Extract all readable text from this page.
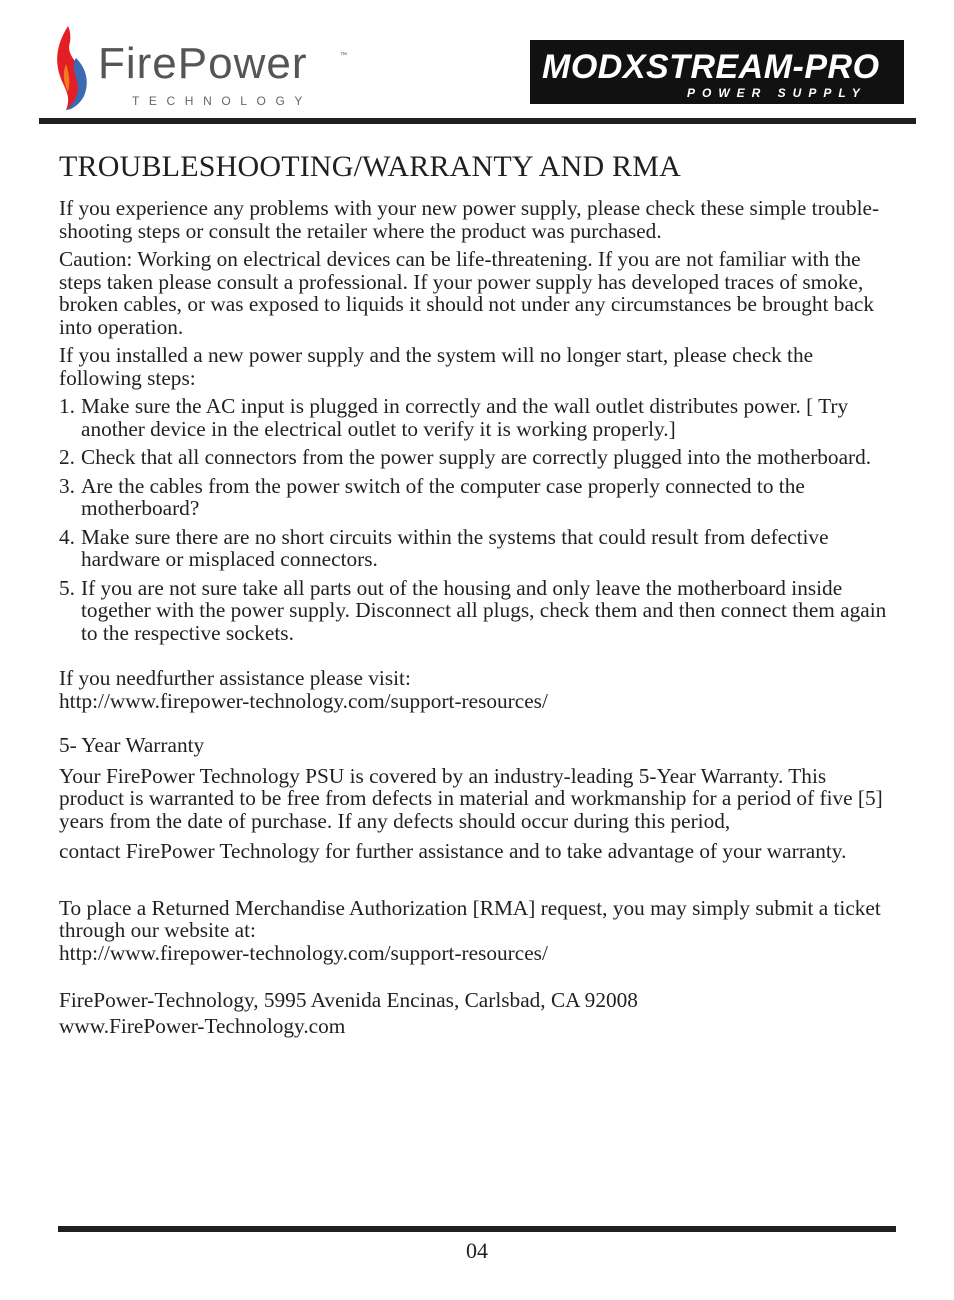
FirePower	™
TECHNOLOGY
MODXSTREAM-PRO
POWER SUPPLY
TROUBLESHOOTING/WARRANTY AND RMA

If you experience any problems with your new power supply, please check these simple trouble-shooting steps or consult the retailer where the product was purchased.

Caution: Working on electrical devices can be life-threatening. If you are not familiar with the steps taken please consult a professional. If your power supply has developed traces of smoke, broken cables, or was exposed to liquids it should not under any circumstances be brought back into operation.

If you installed a new power supply and the system will no longer start, please check the following steps:

1. Make sure the AC input is plugged in correctly and the wall outlet distributes power. [ Try another device in the electrical outlet to verify it is working properly.]
2. Check that all connectors from the power supply are correctly plugged into the motherboard.
3. Are the cables from the power switch of the computer case properly connected to the motherboard?
4. Make sure there are no short circuits within the systems that could result from defective hardware or misplaced connectors.
5. If you are not sure take all parts out of the housing and only leave the motherboard inside together with the power supply. Disconnect all plugs, check them and then connect them again to the respective sockets.

If you needfurther assistance please visit:

http://www.firepower-technology.com/support-resources/

5- Year Warranty

Your FirePower Technology PSU is covered by an industry-leading 5-Year Warranty. This product is warranted to be free from defects in material and workmanship for a period of five [5] years from the date of purchase. If any defects should occur during this period,

contact FirePower Technology for further assistance and to take advantage of your warranty.

To place a Returned Merchandise Authorization [RMA] request, you may simply submit a ticket through our website at:

http://www.firepower-technology.com/support-resources/

FirePower-Technology, 5995 Avenida Encinas, Carlsbad, CA 92008

www.FirePower-Technology.com

04
